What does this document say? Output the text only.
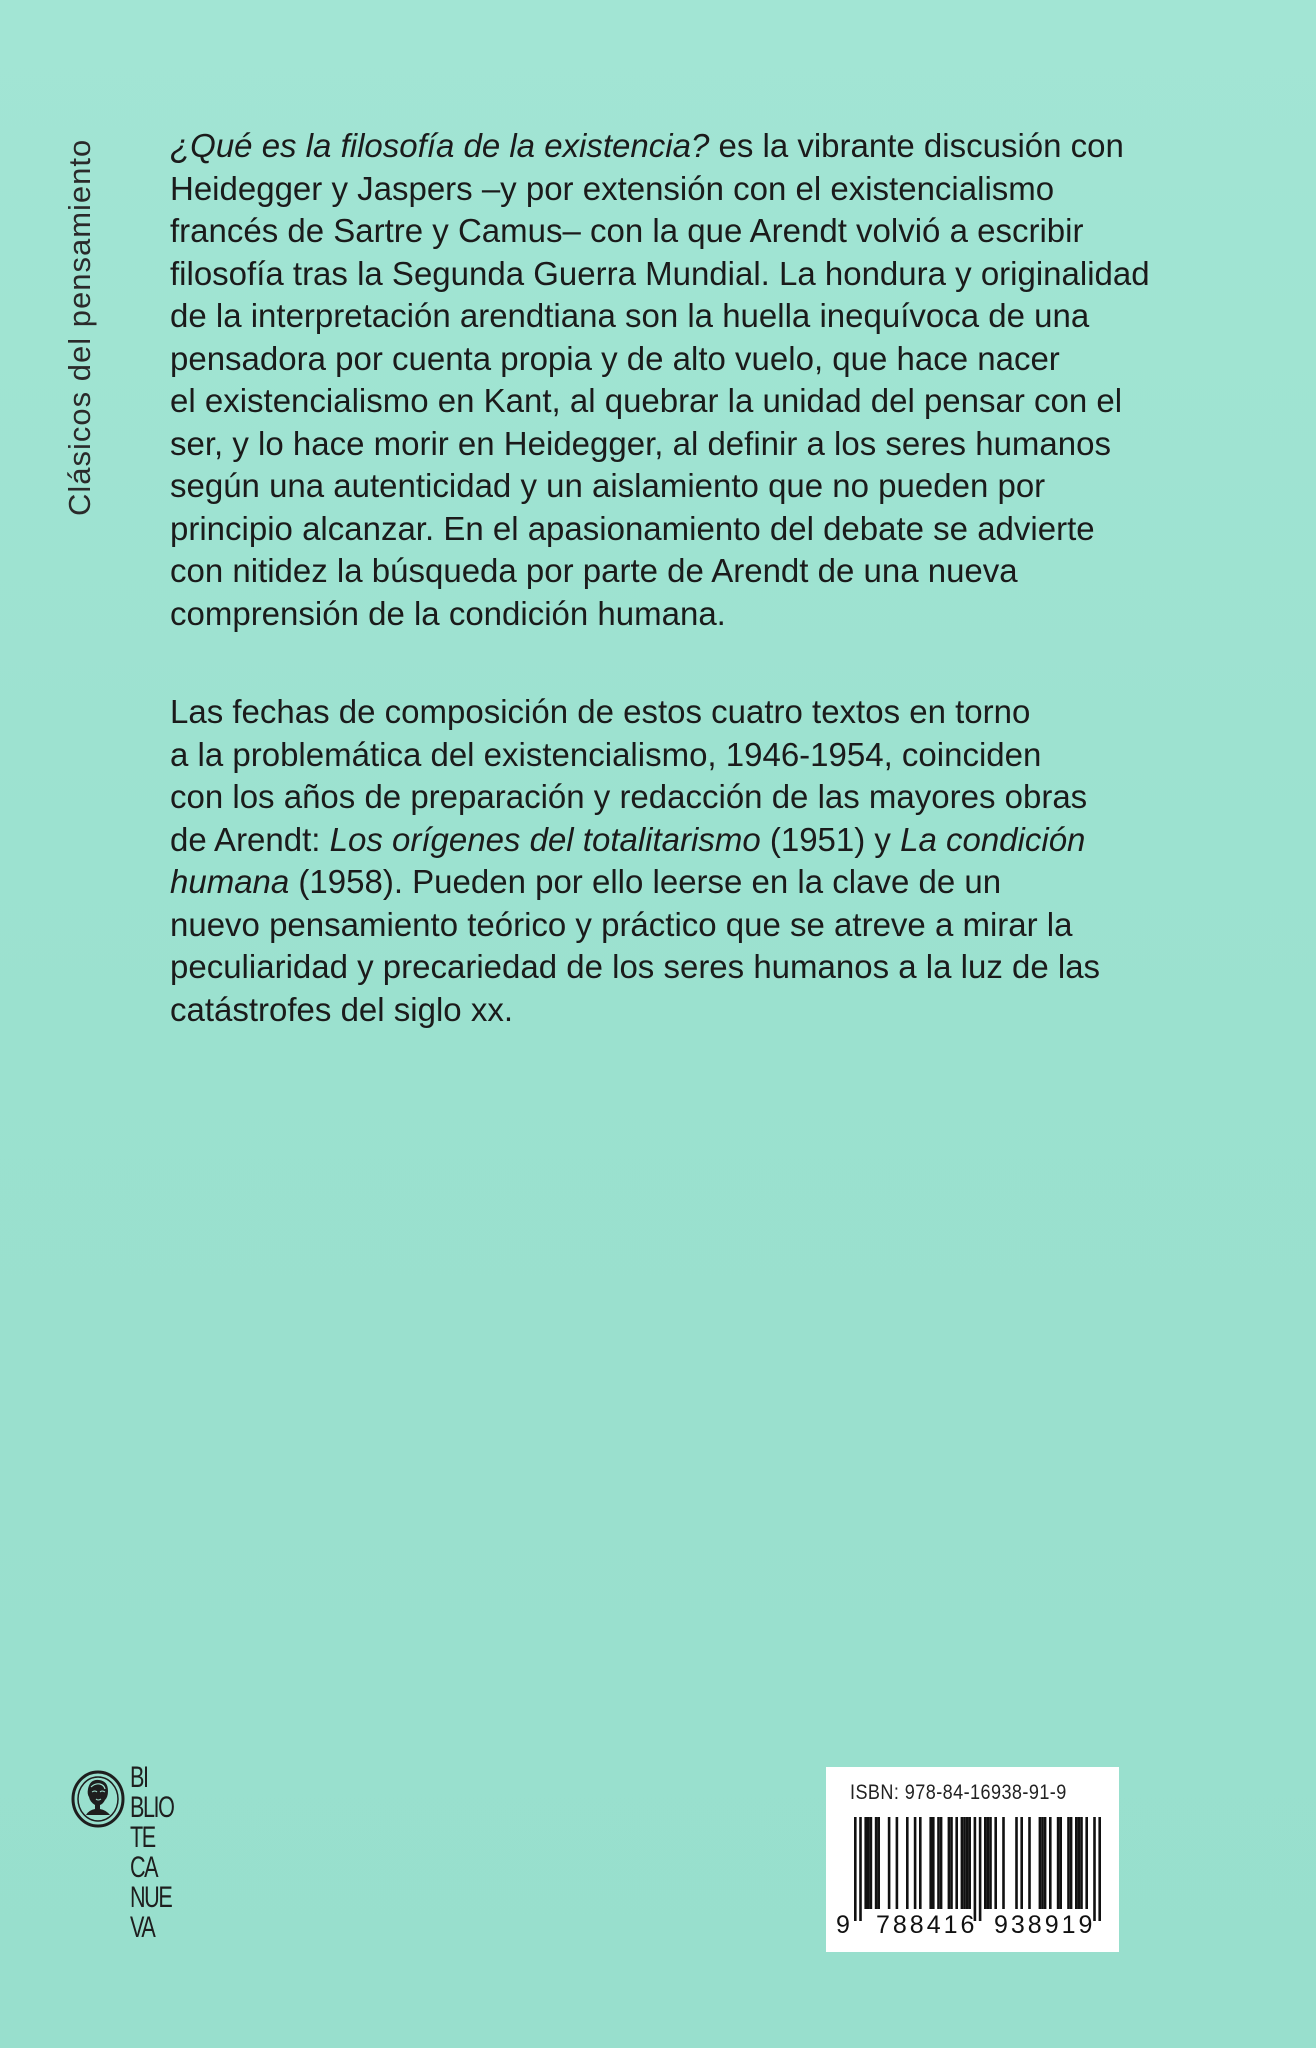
Clásicos del pensamiento ¿Qué es la filosofía de la existencia? es la vibrante discusión con
Heidegger y Jaspers –y por extensión con el existencialismo
francés de Sartre y Camus– con la que Arendt volvió a escribir
filosofía tras la Segunda Guerra Mundial. La hondura y originalidad
de la interpretación arendtiana son la huella inequívoca de una
pensadora por cuenta propia y de alto vuelo, que hace nacer
el existencialismo en Kant, al quebrar la unidad del pensar con el
ser, y lo hace morir en Heidegger, al definir a los seres humanos
según una autenticidad y un aislamiento que no pueden por
principio alcanzar. En el apasionamiento del debate se advierte
con nitidez la búsqueda por parte de Arendt de una nueva
comprensión de la condición humana.

Las fechas de composición de estos cuatro textos en torno
a la problemática del existencialismo, 1946-1954, coinciden
con los años de preparación y redacción de las mayores obras
de Arendt: Los orígenes del totalitarismo (1951) y La condición
humana (1958). Pueden por ello leerse en la clave de un
nuevo pensamiento teórico y práctico que se atreve a mirar la
peculiaridad y precariedad de los seres humanos a la luz de las
catástrofes del siglo xx.

BI
BLIO
TE
CA
NUE
VA
ISBN: 978-84-16938-91-9
9 788416 938919
